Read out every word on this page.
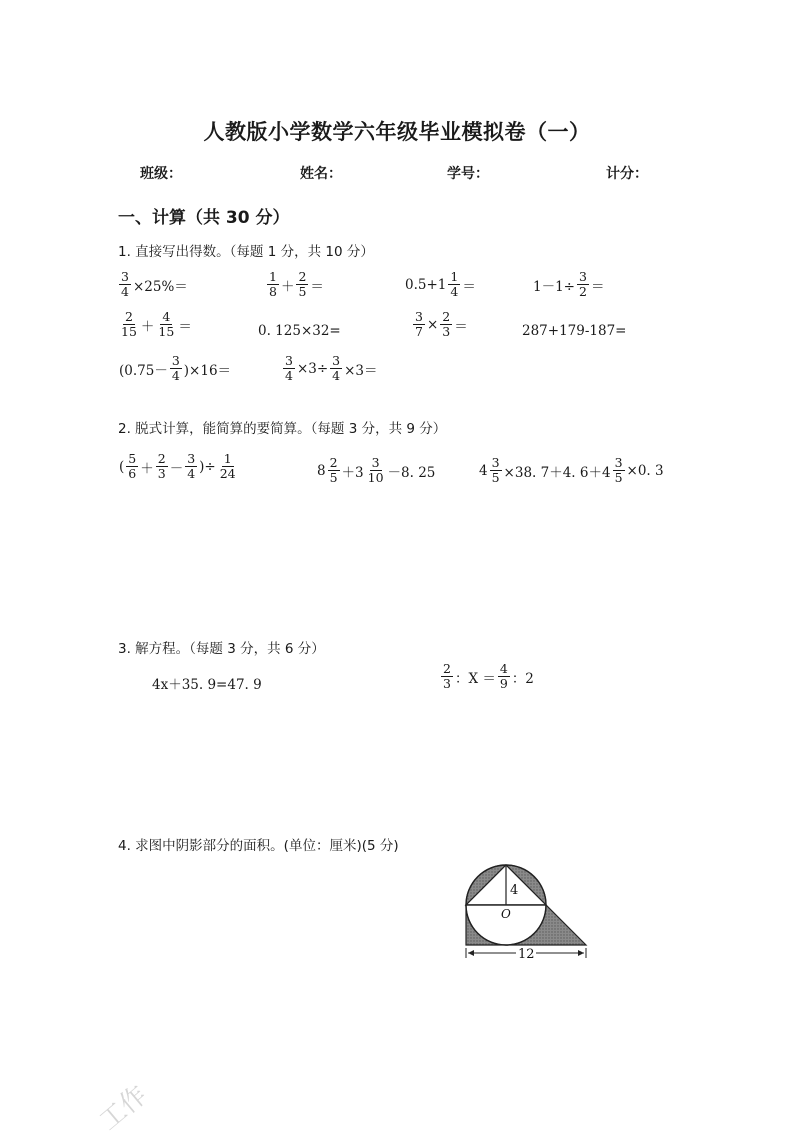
人教版小学数学六年级毕业模拟卷（一）
班级：	姓名：	学号：	计分：
一、计算（共 30 分）
1. 直接写出得数。（每题 1 分，共 10 分）
$\frac{3}{4} \times 25\%=$	$\frac{1}{8} + \frac{2}{5}$ ＝	$0.5+1 \frac{1}{4}$ ＝	$1-1\div \frac{3}{2}$ ＝
$\frac{2}{15} + \frac{4}{15}$ ＝	0. 125×32=	$\frac{3}{7} \times \frac{2}{3}$ ＝	287+179-187=
$(0.75- \frac{3}{4} )\times 16=$	$\frac{3}{4} \times 3\div \frac{3}{4} \times 3=$
2. 脱式计算，能简算的要简算。（每题 3 分，共 9 分）
( $\frac{5}{6} + \frac{2}{3} - \frac{3}{4}$ )÷ $\frac{1}{24}$	$8 \frac{2}{5} +3 \frac{3}{10} -8$. 25	$4 \frac{3}{5} \times 38$. 7＋4. $6+4 \frac{3}{5} \times 0$. 3
3. 解方程。（每题 3 分，共 6 分）
4x＋35. 9=47. 9	$\frac{2}{3}$ ：$X = \frac{4}{9}$ ：2
4. 求图中阴影部分的面积。(单位：厘米)(5 分)
4
O
12
工作
